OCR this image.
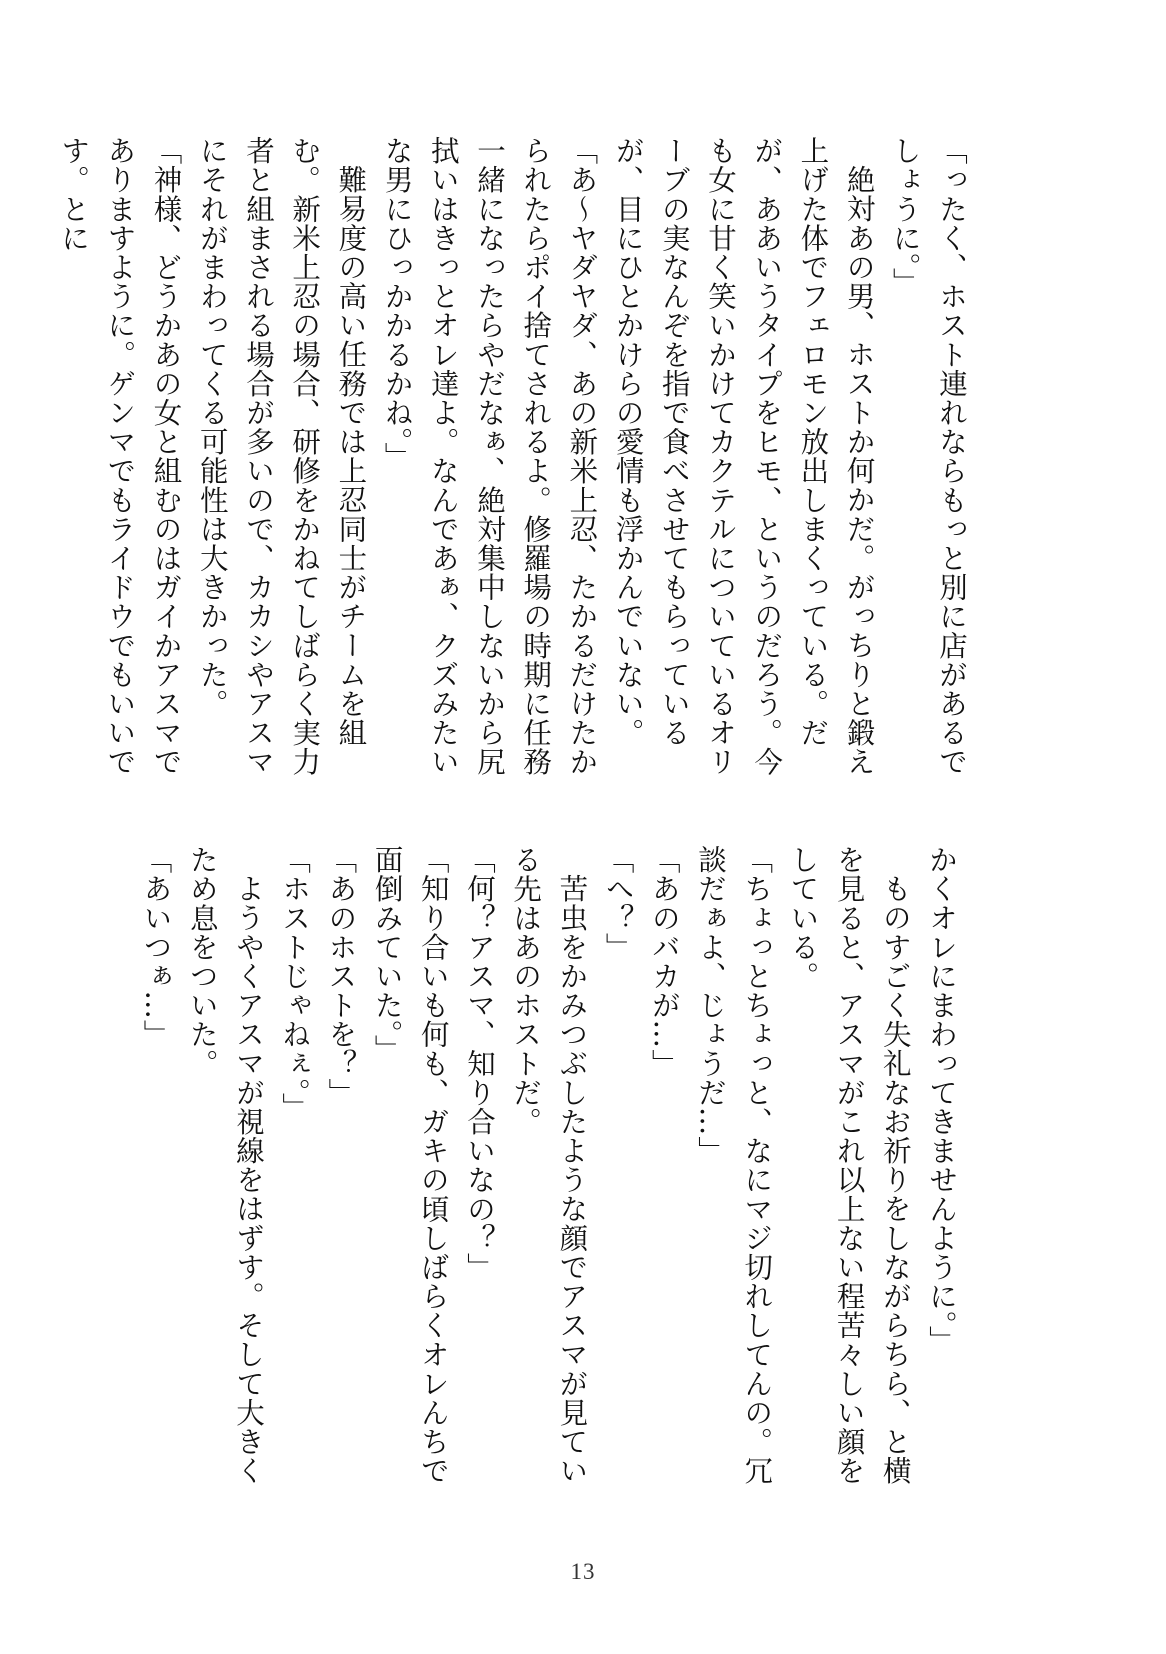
「ったく、ホスト連れならもっと別に店があるでしょうに。」

絶対あの男、ホストか何かだ。がっちりと鍛え上げた体でフェロモン放出しまくっている。だが、ああいうタイプをヒモ、というのだろう。今も女に甘く笑いかけてカクテルについているオリーブの実なんぞを指で食べさせてもらっているが、目にひとかけらの愛情も浮かんでいない。

「あ〜ヤダヤダ、あの新米上忍、たかるだけたかられたらポイ捨てされるよ。修羅場の時期に任務一緒になったらやだなぁ、絶対集中しないから尻拭いはきっとオレ達よ。なんであぁ、クズみたいな男にひっかかるかね。」

難易度の高い任務では上忍同士がチームを組む。新米上忍の場合、研修をかねてしばらく実力者と組まされる場合が多いので、カカシやアスマにそれがまわってくる可能性は大きかった。

「神様、どうかあの女と組むのはガイかアスマでありますように。ゲンマでもライドウでもいいです。とに

かくオレにまわってきませんように。」

ものすごく失礼なお祈りをしながらちら、と横を見ると、アスマがこれ以上ない程苦々しい顔をしている。

「ちょっとちょっと、なにマジ切れしてんの。冗談だぁよ、じょうだ…」

「あのバカが…」

「へ？」

苦虫をかみつぶしたような顔でアスマが見ている先はあのホストだ。

「何？アスマ、知り合いなの？」

「知り合いも何も、ガキの頃しばらくオレんちで面倒みていた。」

「あのホストを？」

「ホストじゃねぇ。」

ようやくアスマが視線をはずす。そして大きくため息をついた。

「あいつぁ…」

13
